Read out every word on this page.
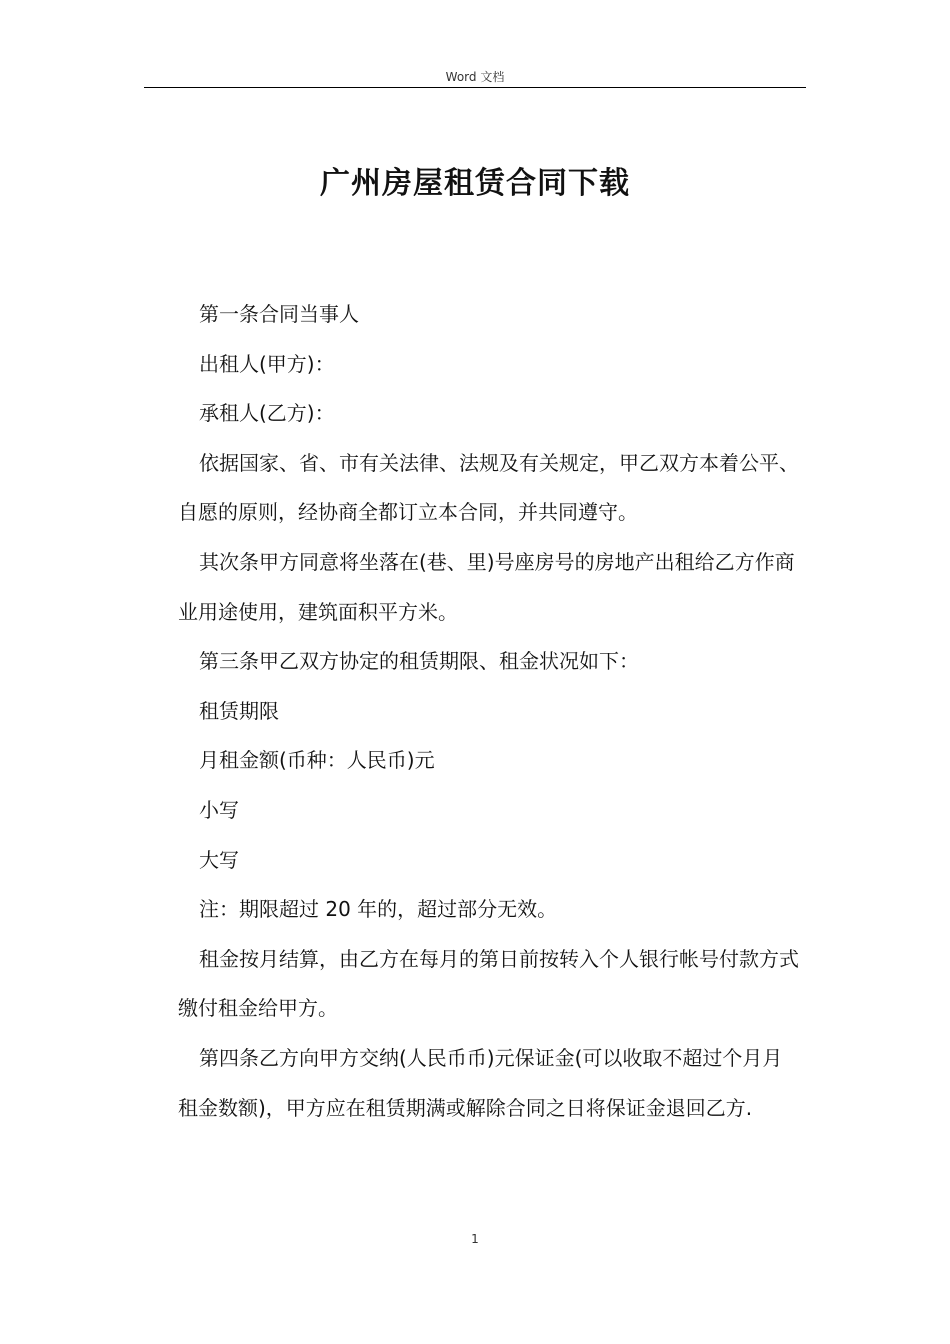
Word 文档
广州房屋租赁合同下载

第一条合同当事人

出租人(甲方)：

承租人(乙方)：

依据国家、省、市有关法律、法规及有关规定，甲乙双方本着公平、自愿的原则，经协商全都订立本合同，并共同遵守。

其次条甲方同意将坐落在(巷、里)号座房号的房地产出租给乙方作商业用途使用，建筑面积平方米。

第三条甲乙双方协定的租赁期限、租金状况如下：

租赁期限

月租金额(币种：人民币)元

小写

大写

注：期限超过 20 年的，超过部分无效。

租金按月结算，由乙方在每月的第日前按转入个人银行帐号付款方式缴付租金给甲方。

第四条乙方向甲方交纳(人民币币)元保证金(可以收取不超过个月月租金数额)，甲方应在租赁期满或解除合同之日将保证金退回乙方.

1
